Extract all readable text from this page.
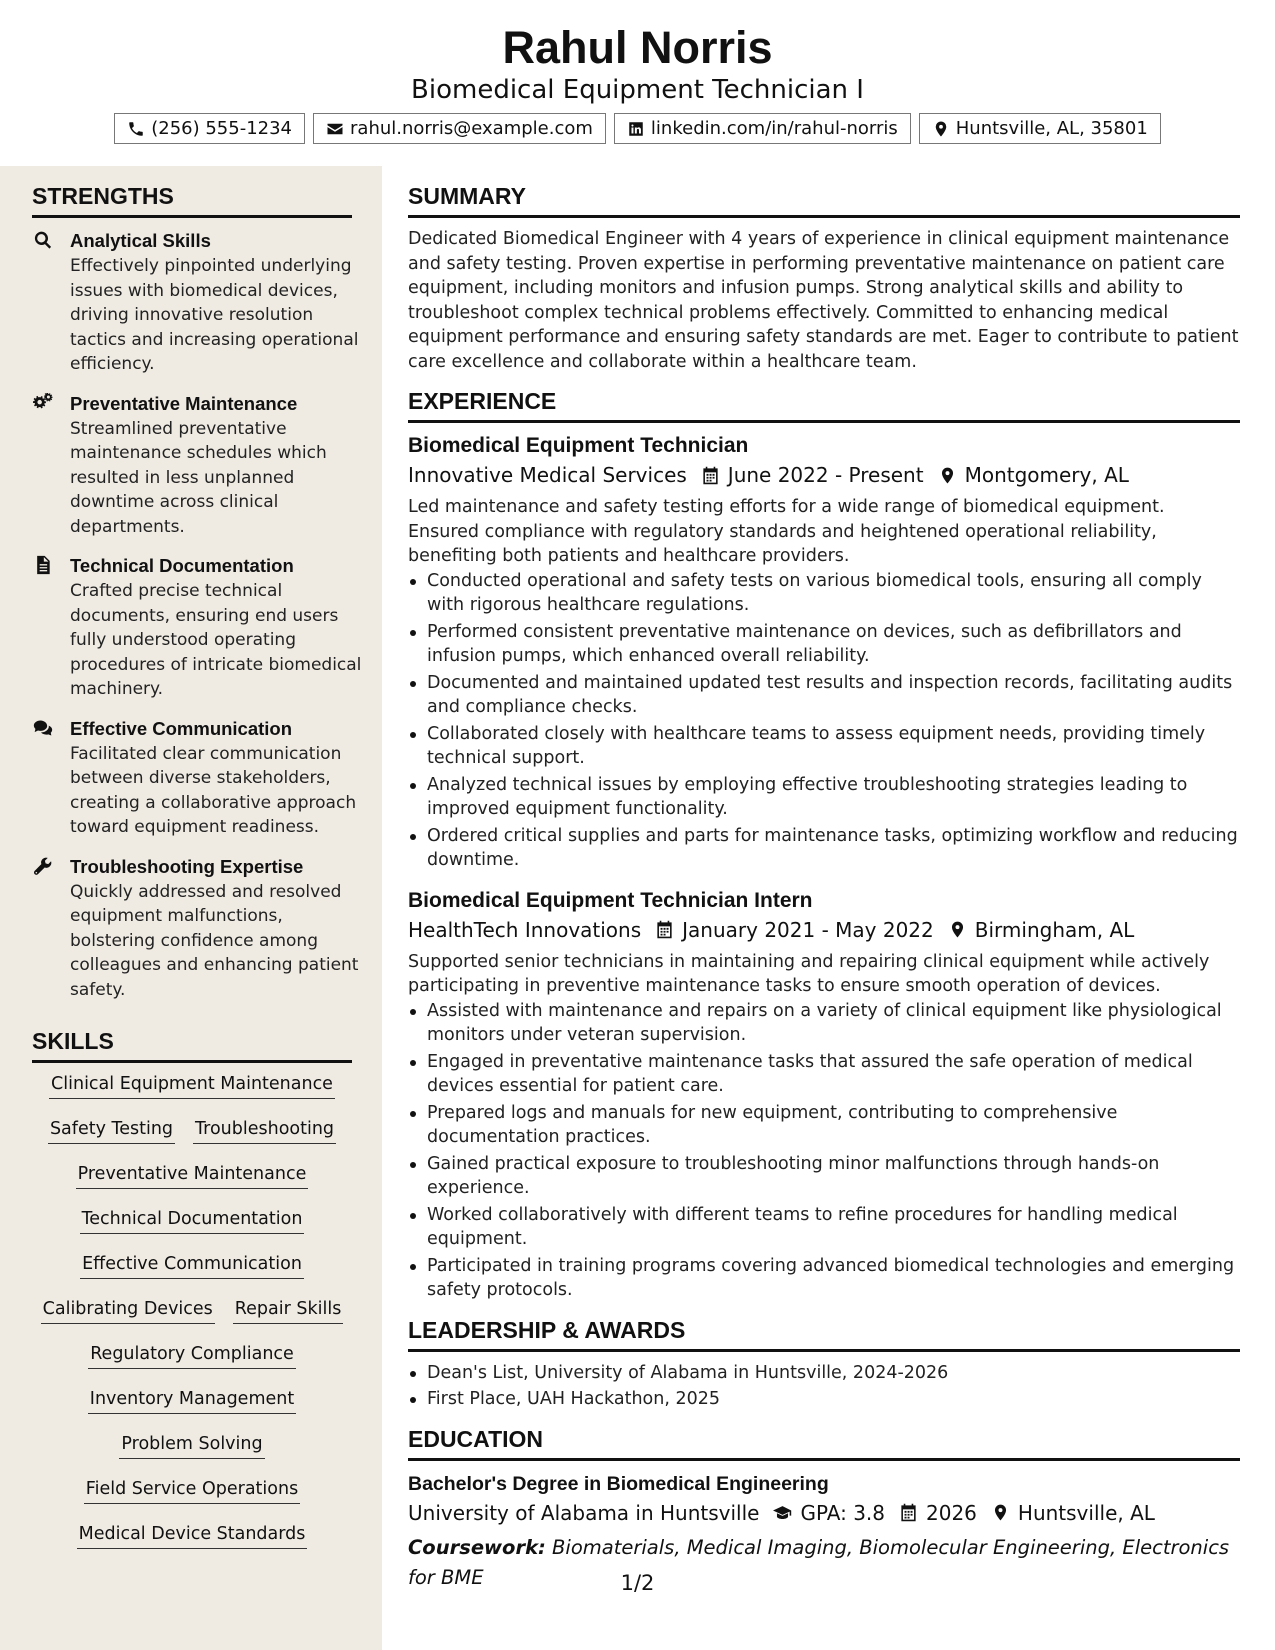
Rahul Norris
Biomedical Equipment Technician I
(256) 555-1234	rahul.norris@example.com	linkedin.com/in/rahul-norris	Huntsville, AL, 35801
STRENGTHS
Analytical Skills
Effectively pinpointed underlying issues with biomedical devices, driving innovative resolution tactics and increasing operational efficiency.
Preventative Maintenance
Streamlined preventative maintenance schedules which resulted in less unplanned downtime across clinical departments.
Technical Documentation
Crafted precise technical documents, ensuring end users fully understood operating procedures of intricate biomedical machinery.
Effective Communication
Facilitated clear communication between diverse stakeholders, creating a collaborative approach toward equipment readiness.
Troubleshooting Expertise
Quickly addressed and resolved equipment malfunctions, bolstering confidence among colleagues and enhancing patient safety.
SKILLS
Clinical Equipment Maintenance
Safety Testing Troubleshooting
Preventative Maintenance
Technical Documentation
Effective Communication
Calibrating Devices Repair Skills
Regulatory Compliance
Inventory Management
Problem Solving
Field Service Operations
Medical Device Standards
SUMMARY
Dedicated Biomedical Engineer with 4 years of experience in clinical equipment maintenance and safety testing. Proven expertise in performing preventative maintenance on patient care equipment, including monitors and infusion pumps. Strong analytical skills and ability to troubleshoot complex technical problems effectively. Committed to enhancing medical equipment performance and ensuring safety standards are met. Eager to contribute to patient care excellence and collaborate within a healthcare team.
EXPERIENCE
Biomedical Equipment Technician
Innovative Medical Services June 2022 - Present Montgomery, AL
Led maintenance and safety testing efforts for a wide range of biomedical equipment. Ensured compliance with regulatory standards and heightened operational reliability, benefiting both patients and healthcare providers.
Conducted operational and safety tests on various biomedical tools, ensuring all comply with rigorous healthcare regulations.
Performed consistent preventative maintenance on devices, such as defibrillators and infusion pumps, which enhanced overall reliability.
Documented and maintained updated test results and inspection records, facilitating audits and compliance checks.
Collaborated closely with healthcare teams to assess equipment needs, providing timely technical support.
Analyzed technical issues by employing effective troubleshooting strategies leading to improved equipment functionality.
Ordered critical supplies and parts for maintenance tasks, optimizing workflow and reducing downtime.
Biomedical Equipment Technician Intern
HealthTech Innovations January 2021 - May 2022 Birmingham, AL
Supported senior technicians in maintaining and repairing clinical equipment while actively participating in preventive maintenance tasks to ensure smooth operation of devices.
Assisted with maintenance and repairs on a variety of clinical equipment like physiological monitors under veteran supervision.
Engaged in preventative maintenance tasks that assured the safe operation of medical devices essential for patient care.
Prepared logs and manuals for new equipment, contributing to comprehensive documentation practices.
Gained practical exposure to troubleshooting minor malfunctions through hands-on experience.
Worked collaboratively with different teams to refine procedures for handling medical equipment.
Participated in training programs covering advanced biomedical technologies and emerging safety protocols.
LEADERSHIP & AWARDS
Dean's List, University of Alabama in Huntsville, 2024-2026
First Place, UAH Hackathon, 2025
EDUCATION
Bachelor's Degree in Biomedical Engineering
University of Alabama in Huntsville GPA: 3.8 2026 Huntsville, AL
Coursework: Biomaterials, Medical Imaging, Biomolecular Engineering, Electronics for BME	1/2
